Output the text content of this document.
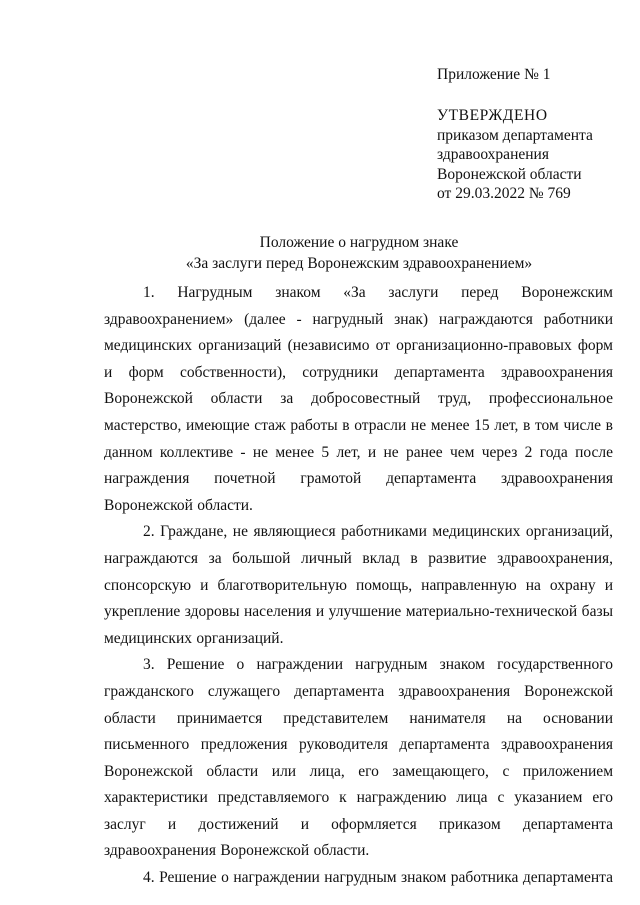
Приложение № 1
УТВЕРЖДЕНО
приказом департамента
здравоохранения
Воронежской области
от 29.03.2022 № 769
Положение о нагрудном знаке
«За заслуги перед Воронежским здравоохранением»

1. Нагрудным знаком «За заслуги перед Воронежским здравоохранением» (далее - нагрудный знак) награждаются работники медицинских организаций (независимо от организационно-правовых форм и форм собственности), сотрудники департамента здравоохранения Воронежской области за добросовестный труд, профессиональное мастерство, имеющие стаж работы в отрасли не менее 15 лет, в том числе в данном коллективе - не менее 5 лет, и не ранее чем через 2 года после награждения почетной грамотой департамента здравоохранения Воронежской области.

2. Граждане, не являющиеся работниками медицинских организаций, награждаются за большой личный вклад в развитие здравоохранения, спонсорскую и благотворительную помощь, направленную на охрану и укрепление здоровы населения и улучшение материально-технической базы медицинских организаций.

3. Решение о награждении нагрудным знаком государственного гражданского служащего департамента здравоохранения Воронежской области принимается представителем нанимателя на основании письменного предложения руководителя департамента здравоохранения Воронежской области или лица, его замещающего, с приложением характеристики представляемого к награждению лица с указанием его заслуг и достижений и оформляется приказом департамента здравоохранения Воронежской области.

4. Решение о награждении нагрудным знаком работника департамента
